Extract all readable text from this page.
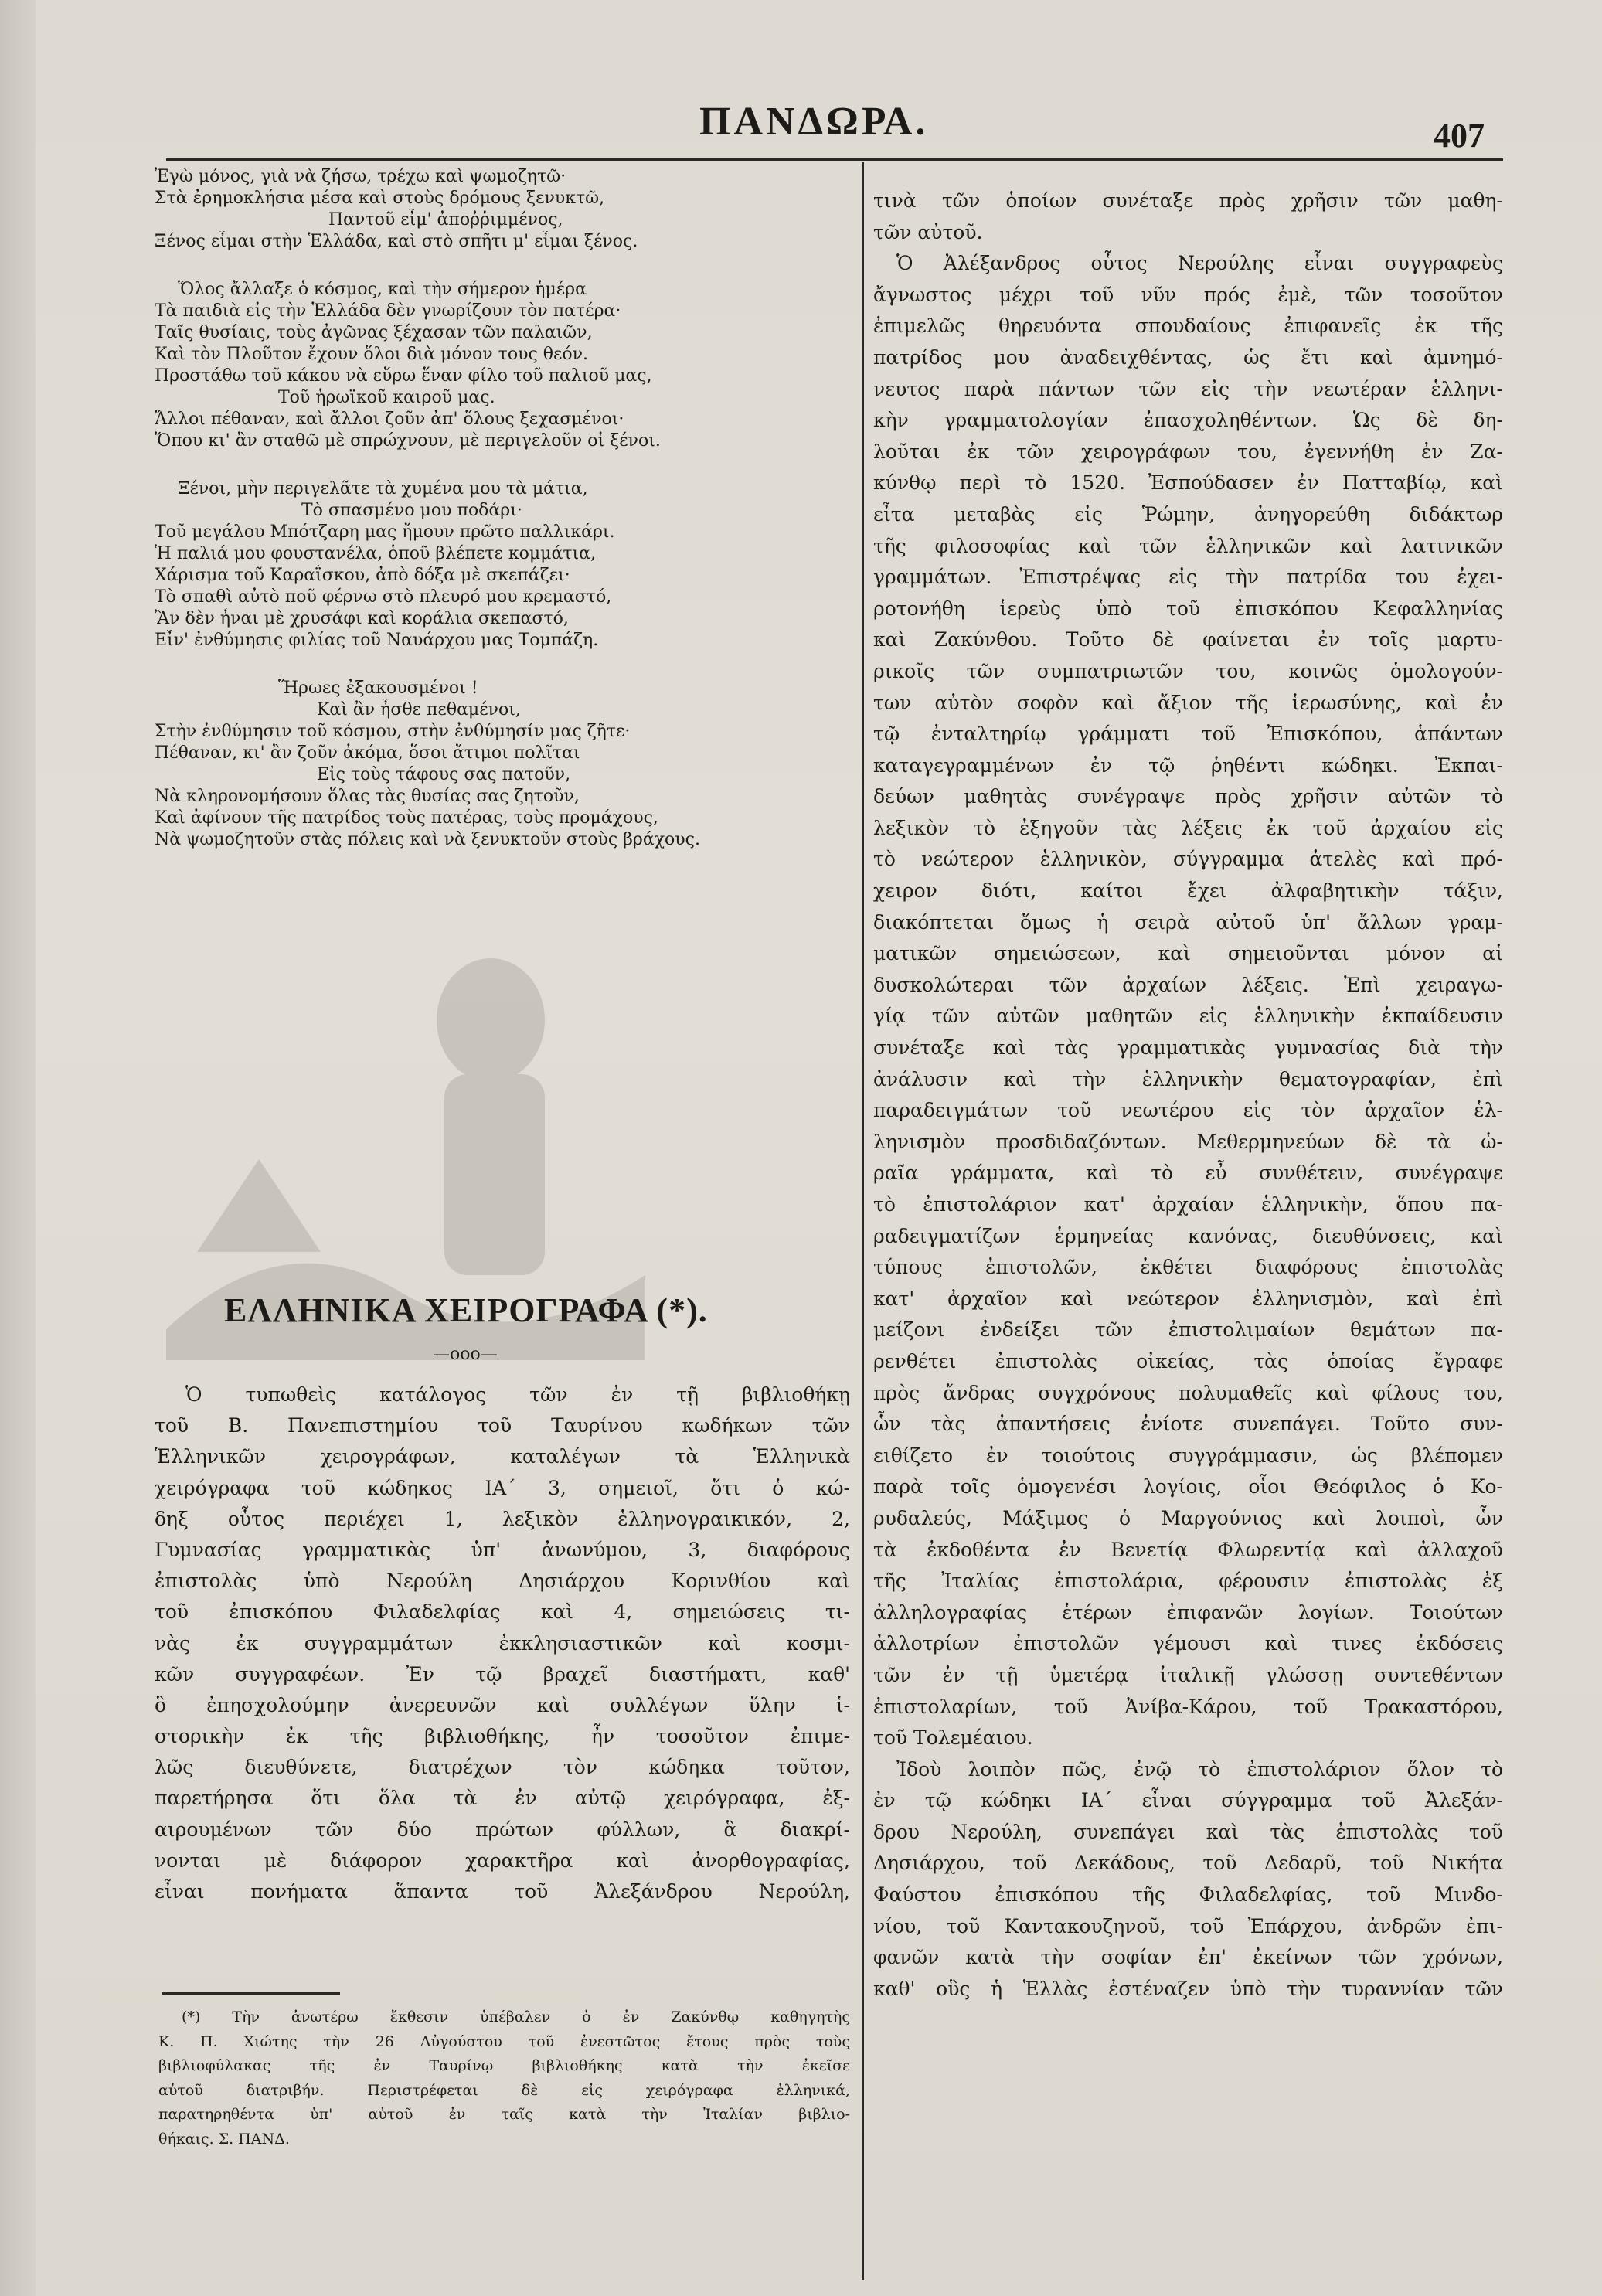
ΠΑΝΔΩΡΑ.	407
Ἐγὼ μόνος, γιὰ νὰ ζήσω, τρέχω καὶ ψωμοζητῶ·
Στὰ ἐρημοκλήσια μέσα καὶ στοὺς δρόμους ξενυκτῶ,
Παντοῦ εἶμ' ἀποῤῥιμμένος,
Ξένος εἶμαι στὴν Ἑλλάδα, καὶ στὸ σπῆτι μ' εἶμαι ξένος.
Ὅλος ἄλλαξε ὁ κόσμος, καὶ τὴν σήμερον ἡμέρα
Τὰ παιδιὰ εἰς τὴν Ἑλλάδα δὲν γνωρίζουν τὸν πατέρα·
Ταῖς θυσίαις, τοὺς ἀγῶνας ξέχασαν τῶν παλαιῶν,
Καὶ τὸν Πλοῦτον ἔχουν ὅλοι διὰ μόνον τους θεόν.
Προστάθω τοῦ κάκου νὰ εὕρω ἕναν φίλο τοῦ παλιοῦ μας,
Τοῦ ἡρωϊκοῦ καιροῦ μας.
Ἄλλοι πέθαναν, καὶ ἄλλοι ζοῦν ἀπ' ὅλους ξεχασμένοι·
Ὅπου κι' ἂν σταθῶ μὲ σπρώχνουν, μὲ περιγελοῦν οἱ ξένοι.
Ξένοι, μὴν περιγελᾶτε τὰ χυμένα μου τὰ μάτια,
Τὸ σπασμένο μου ποδάρι·
Τοῦ μεγάλου Μπότζαρη μας ἤμουν πρῶτο παλλικάρι.
Ἡ παλιά μου φουστανέλα, ὁποῦ βλέπετε κομμάτια,
Χάρισμα τοῦ Καραΐσκου, ἀπὸ δόξα μὲ σκεπάζει·
Τὸ σπαθὶ αὐτὸ ποῦ φέρνω στὸ πλευρό μου κρεμαστό,
Ἂν δὲν ἦναι μὲ χρυσάφι καὶ κοράλια σκεπαστό,
Εἶν' ἐνθύμησις φιλίας τοῦ Ναυάρχου μας Τομπάζη.
Ἥρωες ἐξακουσμένοι !
Καὶ ἂν ἦσθε πεθαμένοι,
Στὴν ἐνθύμησιν τοῦ κόσμου, στὴν ἐνθύμησίν μας ζῆτε·
Πέθαναν, κι' ἂν ζοῦν ἀκόμα, ὅσοι ἄτιμοι πολῖται
Εἰς τοὺς τάφους σας πατοῦν,
Νὰ κληρονομήσουν ὅλας τὰς θυσίας σας ζητοῦν,
Καὶ ἀφίνουν τῆς πατρίδος τοὺς πατέρας, τοὺς προμάχους,
Νὰ ψωμοζητοῦν στὰς πόλεις καὶ νὰ ξενυκτοῦν στοὺς βράχους.
ΕΛΛΗΝΙΚΑ ΧΕΙΡΟΓΡΑΦΑ (*).
—οοο—
Ὁ τυπωθεὶς κατάλογος τῶν ἐν τῇ βιβλιοθήκῃ
τοῦ Β. Πανεπιστημίου τοῦ Ταυρίνου κωδήκων τῶν
Ἑλληνικῶν χειρογράφων, καταλέγων τὰ Ἑλληνικὰ
χειρόγραφα τοῦ κώδηκος ΙΑ΄ 3, σημειοῖ, ὅτι ὁ κώ-
δηξ οὗτος περιέχει 1, λεξικὸν ἑλληνογραικικόν, 2,
Γυμνασίας γραμματικὰς ὑπ' ἀνωνύμου, 3, διαφόρους
ἐπιστολὰς ὑπὸ Νερούλη Δησιάρχου Κορινθίου καὶ
τοῦ ἐπισκόπου Φιλαδελφίας καὶ 4, σημειώσεις τι-
νὰς ἐκ συγγραμμάτων ἐκκλησιαστικῶν καὶ κοσμι-
κῶν συγγραφέων. Ἐν τῷ βραχεῖ διαστήματι, καθ'
ὃ ἐπησχολούμην ἀνερευνῶν καὶ συλλέγων ὕλην ἱ-
στορικὴν ἐκ τῆς βιβλιοθήκης, ἦν τοσοῦτον ἐπιμε-
λῶς διευθύνετε, διατρέχων τὸν κώδηκα τοῦτον,
παρετήρησα ὅτι ὅλα τὰ ἐν αὐτῷ χειρόγραφα, ἐξ-
αιρουμένων τῶν δύο πρώτων φύλλων, ἃ διακρί-
νονται μὲ διάφορον χαρακτῆρα καὶ ἀνορθογραφίας,
εἶναι πονήματα ἅπαντα τοῦ Ἀλεξάνδρου Νερούλη,
(*) Τὴν ἀνωτέρω ἔκθεσιν ὑπέβαλεν ὁ ἐν Ζακύνθῳ καθηγητὴς
Κ. Π. Χιώτης τὴν 26 Αὐγούστου τοῦ ἐνεστῶτος ἔτους πρὸς τοὺς
βιβλιοφύλακας τῆς ἐν Ταυρίνῳ βιβλιοθήκης κατὰ τὴν ἐκεῖσε
αὐτοῦ διατριβήν. Περιστρέφεται δὲ εἰς χειρόγραφα ἑλληνικά,
παρατηρηθέντα ὑπ' αὐτοῦ ἐν ταῖς κατὰ τὴν Ἰταλίαν βιβλιο-
θήκαις. Σ. ΠΑΝΔ.
τινὰ τῶν ὁποίων συνέταξε πρὸς χρῆσιν τῶν μαθη-
τῶν αὐτοῦ.
Ὁ Ἀλέξανδρος οὗτος Νερούλης εἶναι συγγραφεὺς
ἄγνωστος μέχρι τοῦ νῦν πρός ἐμὲ, τῶν τοσοῦτον
ἐπιμελῶς θηρευόντα σπουδαίους ἐπιφανεῖς ἐκ τῆς
πατρίδος μου ἀναδειχθέντας, ὡς ἔτι καὶ ἀμνημό-
νευτος παρὰ πάντων τῶν εἰς τὴν νεωτέραν ἑλληνι-
κὴν γραμματολογίαν ἐπασχοληθέντων. Ὡς δὲ δη-
λοῦται ἐκ τῶν χειρογράφων του, ἐγεννήθη ἐν Ζα-
κύνθῳ περὶ τὸ 1520. Ἐσπούδασεν ἐν Πατταβίῳ, καὶ
εἶτα μεταβὰς εἰς Ῥώμην, ἀνηγορεύθη διδάκτωρ
τῆς φιλοσοφίας καὶ τῶν ἑλληνικῶν καὶ λατινικῶν
γραμμάτων. Ἐπιστρέψας εἰς τὴν πατρίδα του ἐχει-
ροτονήθη ἱερεὺς ὑπὸ τοῦ ἐπισκόπου Κεφαλληνίας
καὶ Ζακύνθου. Τοῦτο δὲ φαίνεται ἐν τοῖς μαρτυ-
ρικοῖς τῶν συμπατριωτῶν του, κοινῶς ὁμολογούν-
των αὐτὸν σοφὸν καὶ ἄξιον τῆς ἱερωσύνης, καὶ ἐν
τῷ ἐνταλτηρίῳ γράμματι τοῦ Ἐπισκόπου, ἁπάντων
καταγεγραμμένων ἐν τῷ ῥηθέντι κώδηκι. Ἐκπαι-
δεύων μαθητὰς συνέγραψε πρὸς χρῆσιν αὐτῶν τὸ
λεξικὸν τὸ ἐξηγοῦν τὰς λέξεις ἐκ τοῦ ἀρχαίου εἰς
τὸ νεώτερον ἑλληνικὸν, σύγγραμμα ἀτελὲς καὶ πρό-
χειρον διότι, καίτοι ἔχει ἀλφαβητικὴν τάξιν,
διακόπτεται ὅμως ἡ σειρὰ αὐτοῦ ὑπ' ἄλλων γραμ-
ματικῶν σημειώσεων, καὶ σημειοῦνται μόνον αἱ
δυσκολώτεραι τῶν ἀρχαίων λέξεις. Ἐπὶ χειραγω-
γίᾳ τῶν αὐτῶν μαθητῶν εἰς ἑλληνικὴν ἐκπαίδευσιν
συνέταξε καὶ τὰς γραμματικὰς γυμνασίας διὰ τὴν
ἀνάλυσιν καὶ τὴν ἑλληνικὴν θεματογραφίαν, ἐπὶ
παραδειγμάτων τοῦ νεωτέρου εἰς τὸν ἀρχαῖον ἑλ-
ληνισμὸν προσδιδαζόντων. Μεθερμηνεύων δὲ τὰ ὡ-
ραῖα γράμματα, καὶ τὸ εὖ συνθέτειν, συνέγραψε
τὸ ἐπιστολάριον κατ' ἀρχαίαν ἑλληνικὴν, ὅπου πα-
ραδειγματίζων ἑρμηνείας κανόνας, διευθύνσεις, καὶ
τύπους ἐπιστολῶν, ἐκθέτει διαφόρους ἐπιστολὰς
κατ' ἀρχαῖον καὶ νεώτερον ἑλληνισμὸν, καὶ ἐπὶ
μείζονι ἐνδείξει τῶν ἐπιστολιμαίων θεμάτων πα-
ρενθέτει ἐπιστολὰς οἰκείας, τὰς ὁποίας ἔγραφε
πρὸς ἄνδρας συγχρόνους πολυμαθεῖς καὶ φίλους του,
ὧν τὰς ἀπαντήσεις ἐνίοτε συνεπάγει. Τοῦτο συν-
ειθίζετο ἐν τοιούτοις συγγράμμασιν, ὡς βλέπομεν
παρὰ τοῖς ὁμογενέσι λογίοις, οἷοι Θεόφιλος ὁ Κο-
ρυδαλεύς, Μάξιμος ὁ Μαργούνιος καὶ λοιποὶ, ὧν
τὰ ἐκδοθέντα ἐν Βενετίᾳ Φλωρεντίᾳ καὶ ἀλλαχοῦ
τῆς Ἰταλίας ἐπιστολάρια, φέρουσιν ἐπιστολὰς ἐξ
ἀλληλογραφίας ἑτέρων ἐπιφανῶν λογίων. Τοιούτων
ἀλλοτρίων ἐπιστολῶν γέμουσι καὶ τινες ἐκδόσεις
τῶν ἐν τῇ ὑμετέρᾳ ἰταλικῇ γλώσσῃ συντεθέντων
ἐπιστολαρίων, τοῦ Ἀνίβα-Κάρου, τοῦ Τρακαστόρου,
τοῦ Τολεμέαιου.
Ἰδοὺ λοιπὸν πῶς, ἐνῷ τὸ ἐπιστολάριον ὅλον τὸ
ἐν τῷ κώδηκι ΙΑ΄ εἶναι σύγγραμμα τοῦ Ἀλεξάν-
δρου Νερούλη, συνεπάγει καὶ τὰς ἐπιστολὰς τοῦ
Δησιάρχου, τοῦ Δεκάδους, τοῦ Δεδαρῦ, τοῦ Νικήτα
Φαύστου ἐπισκόπου τῆς Φιλαδελφίας, τοῦ Μινδο-
νίου, τοῦ Καντακουζηνοῦ, τοῦ Ἐπάρχου, ἀνδρῶν ἐπι-
φανῶν κατὰ τὴν σοφίαν ἐπ' ἐκείνων τῶν χρόνων,
καθ' οὓς ἡ Ἑλλὰς ἐστέναζεν ὑπὸ τὴν τυραννίαν τῶν
